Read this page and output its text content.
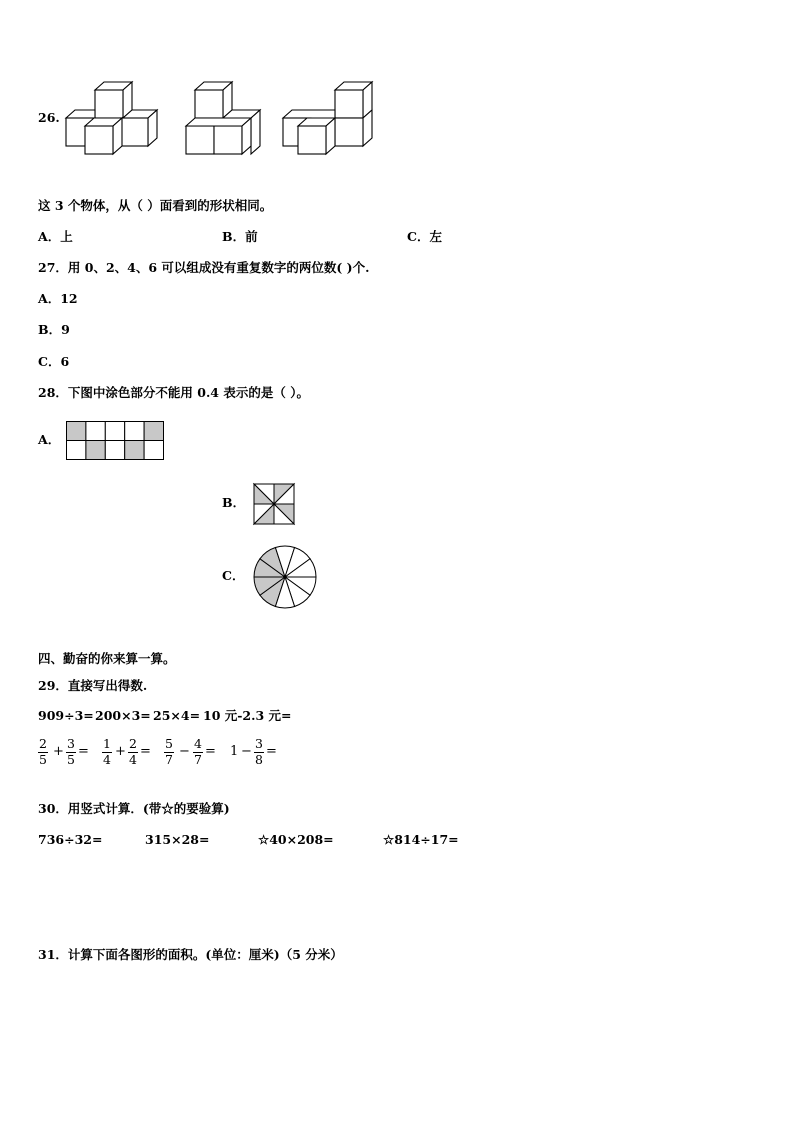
26.
这 3 个物体，从（ ）面看到的形状相同。
A．上	B．前	C．左
27．用 0、2、4、6 可以组成没有重复数字的两位数( )个.
A．12
B．9
C．6
28．下图中涂色部分不能用 0.4 表示的是（ ）。
A．
B．
C．
四、勤奋的你来算一算。
29．直接写出得数.
909÷3= 200×3= 25×4= 10 元-2.3 元=
$\frac{2}{5} + \frac{3}{5} = \frac{1}{4} + \frac{2}{4} = \frac{5}{7} - \frac{4}{7} = 1 - \frac{3}{8}$ =
30．用竖式计算．(带☆的要验算)
736÷32=	315×28=	☆40×208=	☆814÷17=
31．计算下面各图形的面积。(单位：厘米)（5 分米）
